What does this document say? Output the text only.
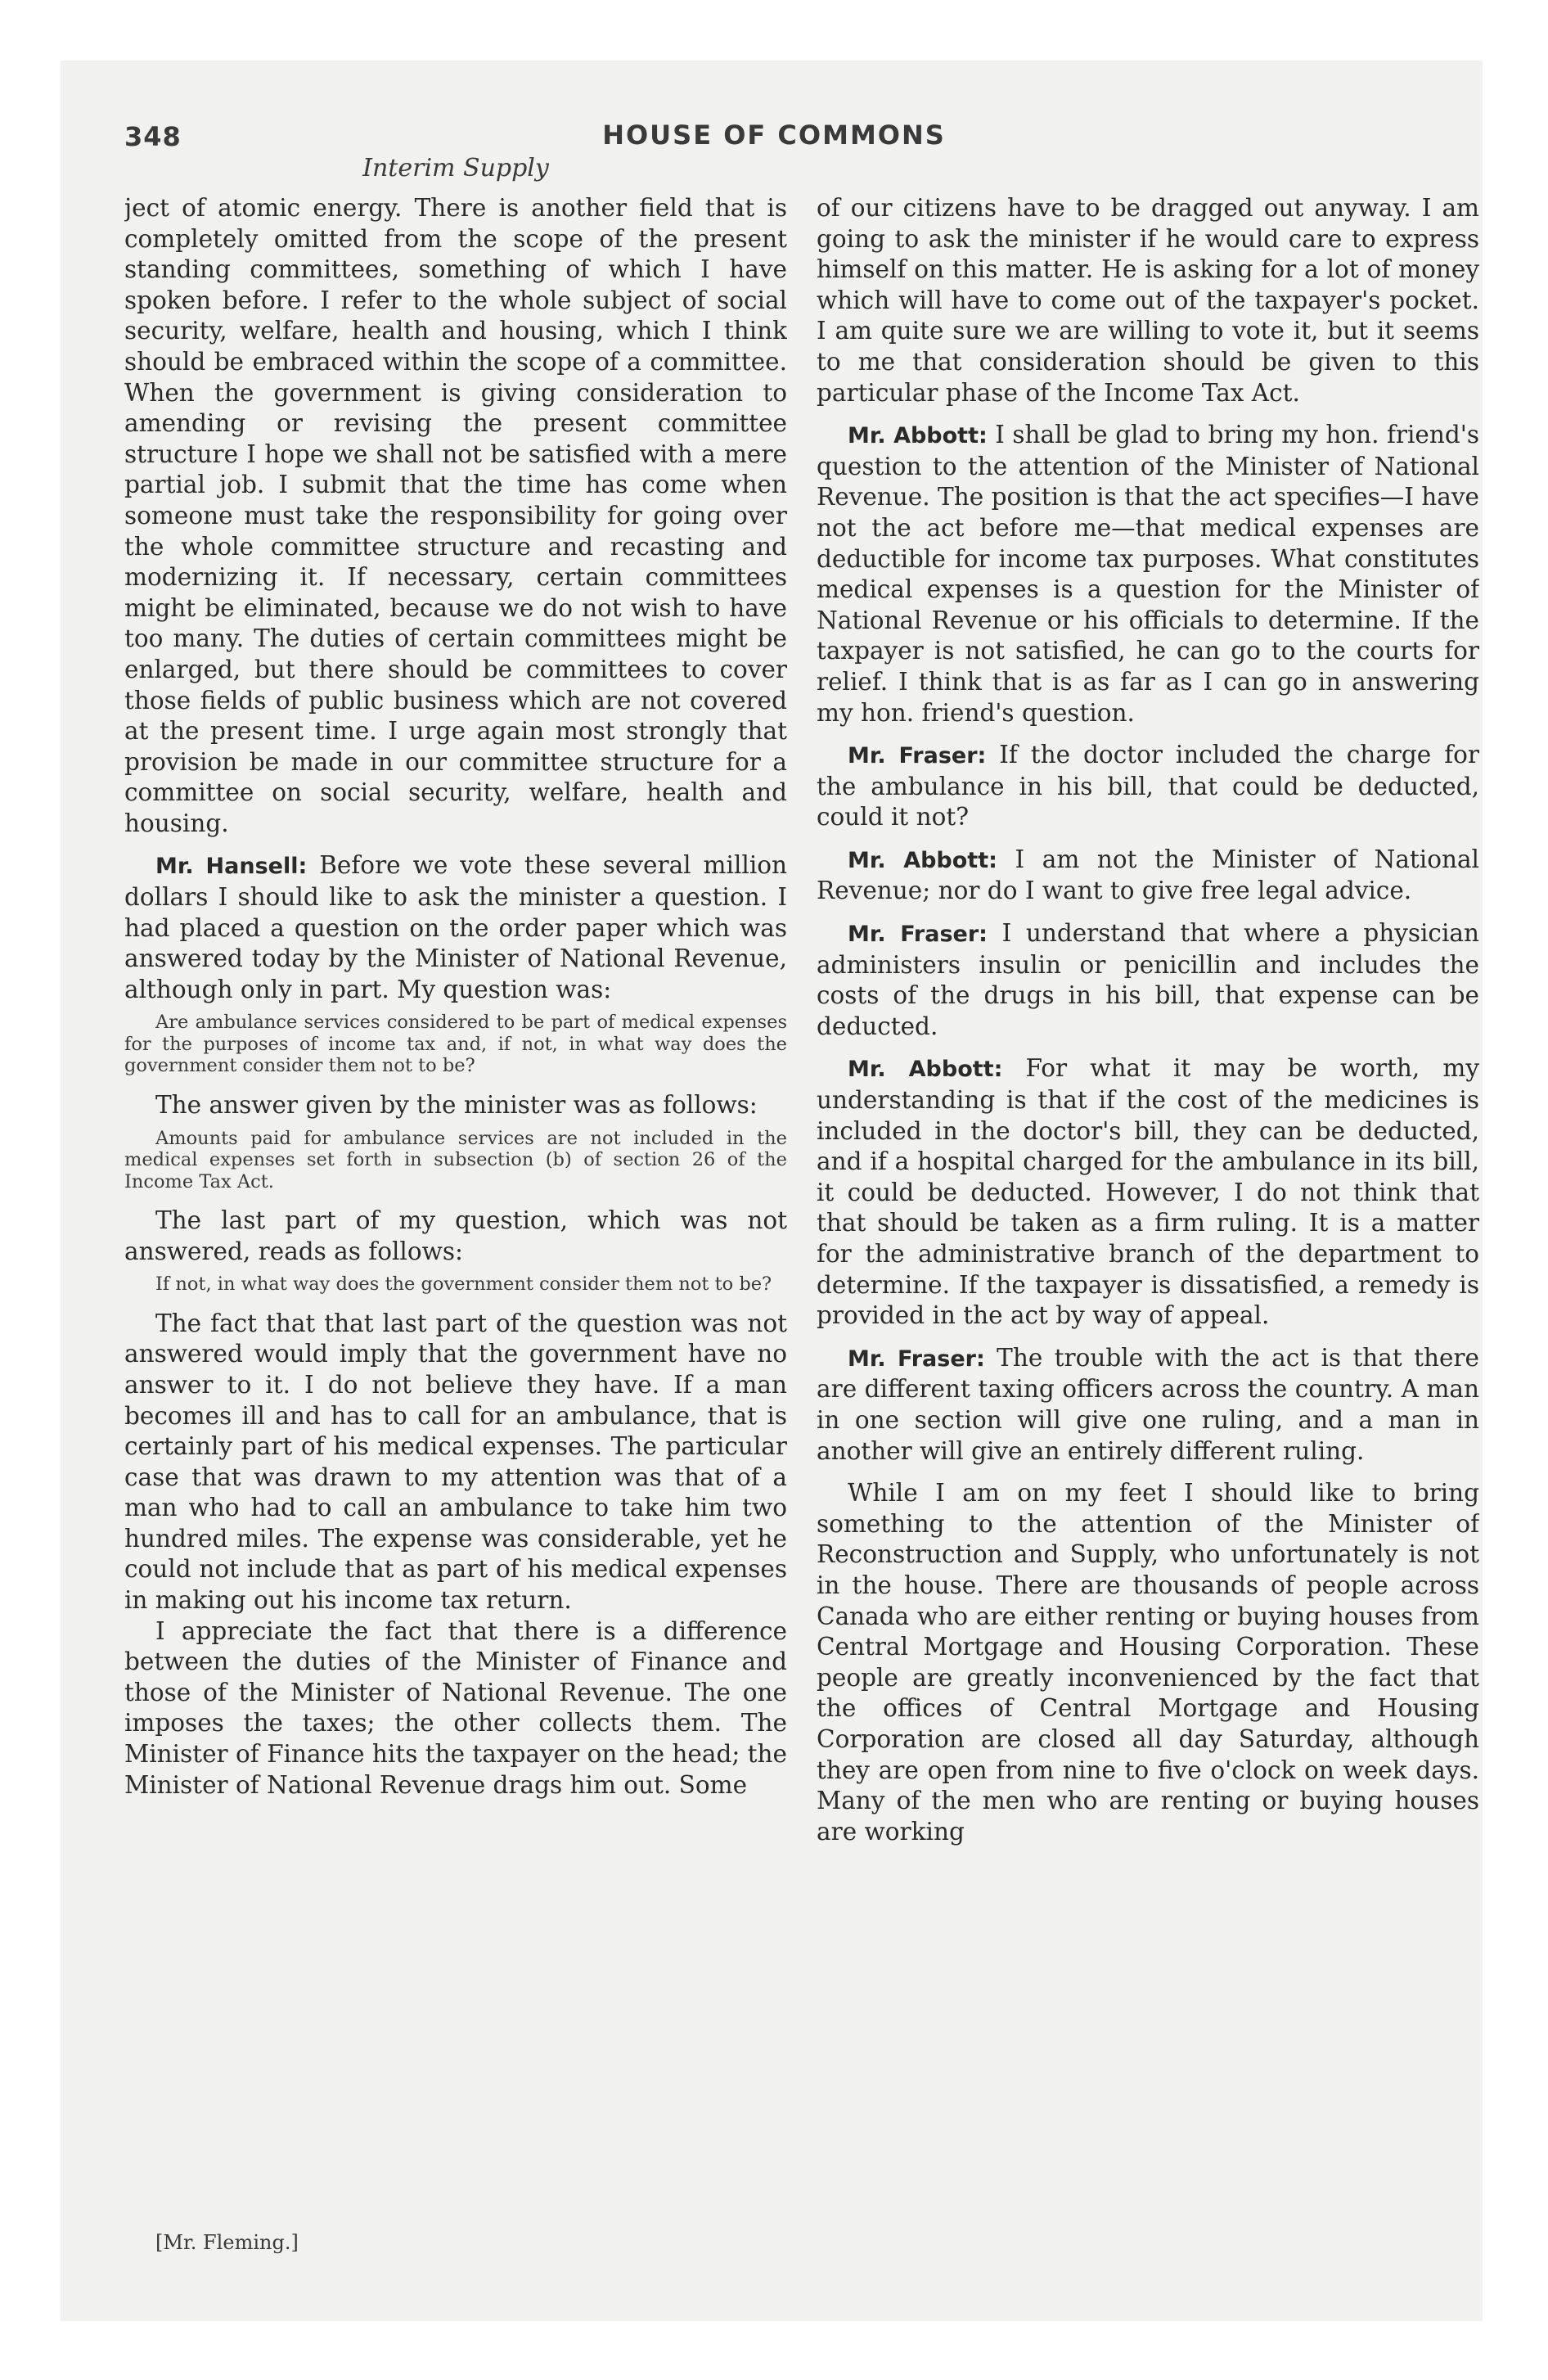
348	HOUSE OF COMMONS
Interim Supply

ject of atomic energy. There is another field that is completely omitted from the scope of the present standing committees, something of which I have spoken before. I refer to the whole subject of social security, welfare, health and housing, which I think should be embraced within the scope of a committee. When the government is giving consideration to amending or revising the present committee structure I hope we shall not be satisfied with a mere partial job. I submit that the time has come when someone must take the responsibility for going over the whole committee structure and recasting and modernizing it. If necessary, certain committees might be eliminated, because we do not wish to have too many. The duties of certain committees might be enlarged, but there should be committees to cover those fields of public business which are not covered at the present time. I urge again most strongly that provision be made in our committee structure for a committee on social security, welfare, health and housing.

Mr. Hansell: Before we vote these several million dollars I should like to ask the minister a question. I had placed a question on the order paper which was answered today by the Minister of National Revenue, although only in part. My question was:

Are ambulance services considered to be part of medical expenses for the purposes of income tax and, if not, in what way does the government consider them not to be?

The answer given by the minister was as follows:

Amounts paid for ambulance services are not included in the medical expenses set forth in subsection (b) of section 26 of the Income Tax Act.

The last part of my question, which was not answered, reads as follows:

If not, in what way does the government consider them not to be?

The fact that that last part of the question was not answered would imply that the government have no answer to it. I do not believe they have. If a man becomes ill and has to call for an ambulance, that is certainly part of his medical expenses. The particular case that was drawn to my attention was that of a man who had to call an ambulance to take him two hundred miles. The expense was considerable, yet he could not include that as part of his medical expenses in making out his income tax return.

I appreciate the fact that there is a difference between the duties of the Minister of Finance and those of the Minister of National Revenue. The one imposes the taxes; the other collects them. The Minister of Finance hits the taxpayer on the head; the Minister of National Revenue drags him out. Some

of our citizens have to be dragged out anyway. I am going to ask the minister if he would care to express himself on this matter. He is asking for a lot of money which will have to come out of the taxpayer's pocket. I am quite sure we are willing to vote it, but it seems to me that consideration should be given to this particular phase of the Income Tax Act.

Mr. Abbott: I shall be glad to bring my hon. friend's question to the attention of the Minister of National Revenue. The position is that the act specifies—I have not the act before me—that medical expenses are deductible for income tax purposes. What constitutes medical expenses is a question for the Minister of National Revenue or his officials to determine. If the taxpayer is not satisfied, he can go to the courts for relief. I think that is as far as I can go in answering my hon. friend's question.

Mr. Fraser: If the doctor included the charge for the ambulance in his bill, that could be deducted, could it not?

Mr. Abbott: I am not the Minister of National Revenue; nor do I want to give free legal advice.

Mr. Fraser: I understand that where a physician administers insulin or penicillin and includes the costs of the drugs in his bill, that expense can be deducted.

Mr. Abbott: For what it may be worth, my understanding is that if the cost of the medicines is included in the doctor's bill, they can be deducted, and if a hospital charged for the ambulance in its bill, it could be deducted. However, I do not think that that should be taken as a firm ruling. It is a matter for the administrative branch of the department to determine. If the taxpayer is dissatisfied, a remedy is provided in the act by way of appeal.

Mr. Fraser: The trouble with the act is that there are different taxing officers across the country. A man in one section will give one ruling, and a man in another will give an entirely different ruling.

While I am on my feet I should like to bring something to the attention of the Minister of Reconstruction and Supply, who unfortunately is not in the house. There are thousands of people across Canada who are either renting or buying houses from Central Mortgage and Housing Corporation. These people are greatly inconvenienced by the fact that the offices of Central Mortgage and Housing Corporation are closed all day Saturday, although they are open from nine to five o'clock on week days. Many of the men who are renting or buying houses are working

[Mr. Fleming.]
